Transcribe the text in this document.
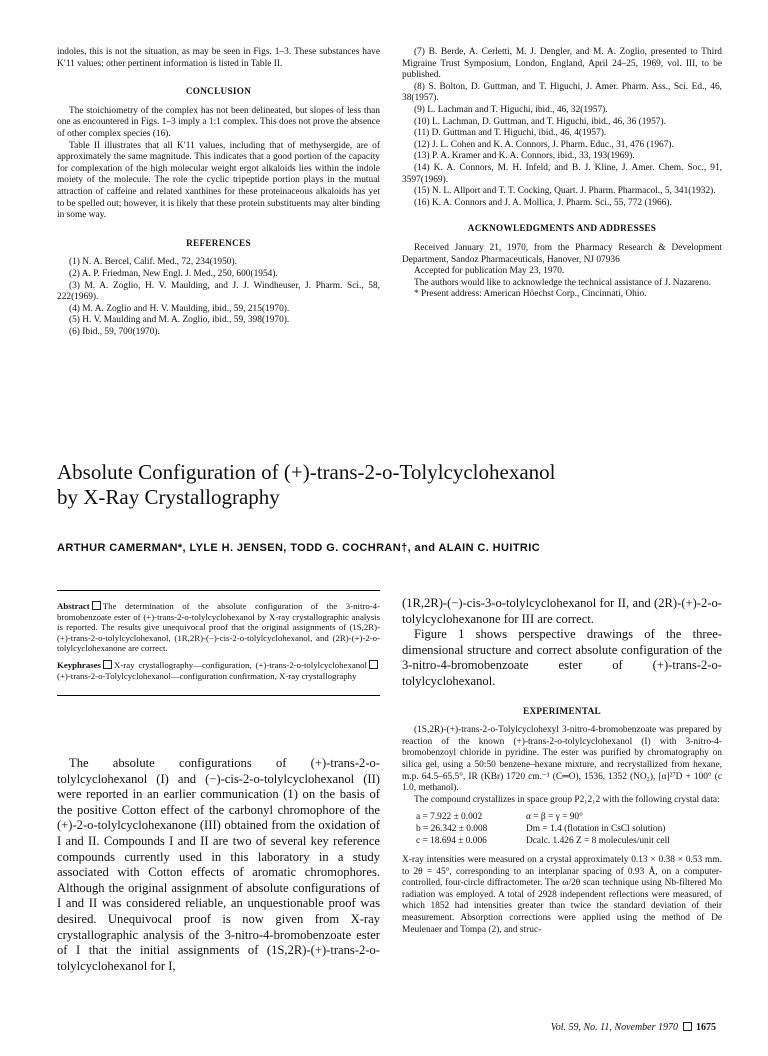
indoles, this is not the situation, as may be seen in Figs. 1–3. These substances have K′11 values; other pertinent information is listed in Table II.

CONCLUSION

The stoichiometry of the complex has not been delineated, but slopes of less than one as encountered in Figs. 1–3 imply a 1:1 complex. This does not prove the absence of other complex species (16).

Table II illustrates that all K′11 values, including that of methysergide, are of approximately the same magnitude. This indicates that a good portion of the capacity for complexation of the high molecular weight ergot alkaloids lies within the indole moiety of the molecule. The role the cyclic tripeptide portion plays in the mutual attraction of caffeine and related xanthines for these proteinaceous alkaloids has yet to be spelled out; however, it is likely that these protein substituents may alter binding in some way.

REFERENCES

(1) N. A. Bercel, Calif. Med., 72, 234(1950).

(2) A. P. Friedman, New Engl. J. Med., 250, 600(1954).

(3) M. A. Zoglio, H. V. Maulding, and J. J. Windheuser, J. Pharm. Sci., 58, 222(1969).

(4) M. A. Zoglio and H. V. Maulding, ibid., 59, 215(1970).

(5) H. V. Maulding and M. A. Zoglio, ibid., 59, 398(1970).

(6) Ibid., 59, 700(1970).

(7) B. Berde, A. Cerletti, M. J. Dengler, and M. A. Zoglio, presented to Third Migraine Trust Symposium, London, England, April 24–25, 1969, vol. III, to be published.

(8) S. Bolton, D. Guttman, and T. Higuchi, J. Amer. Pharm. Ass., Sci. Ed., 46, 38(1957).

(9) L. Lachman and T. Higuchi, ibid., 46, 32(1957).

(10) L. Lachman, D. Guttman, and T. Higuchi, ibid., 46, 36 (1957).

(11) D. Guttman and T. Higuchi, ibid., 46, 4(1957).

(12) J. L. Cohen and K. A. Connors, J. Pharm. Educ., 31, 476 (1967).

(13) P. A. Kramer and K. A. Connors, ibid., 33, 193(1969).

(14) K. A. Connors, M. H. Infeld, and B. J. Kline, J. Amer. Chem. Soc., 91, 3597(1969).

(15) N. L. Allport and T. T. Cocking, Quart. J. Pharm. Pharmacol., 5, 341(1932).

(16) K. A. Connors and J. A. Mollica, J. Pharm. Sci., 55, 772 (1966).

ACKNOWLEDGMENTS AND ADDRESSES

Received January 21, 1970, from the Pharmacy Research & Development Department, Sandoz Pharmaceuticals, Hanover, NJ 07936

Accepted for publication May 23, 1970.

The authors would like to acknowledge the technical assistance of J. Nazareno.

* Present address: American Höechst Corp., Cincinnati, Ohio.

Absolute Configuration of (+)-trans-2-o-Tolylcyclohexanol
by X-Ray Crystallography
ARTHUR CAMERMAN*, LYLE H. JENSEN, TODD G. COCHRAN†, and ALAIN C. HUITRIC

Abstract The determination of the absolute configuration of the 3-nitro-4-bromobenzoate ester of (+)-trans-2-o-tolylcyclohexanol by X-ray crystallographic analysis is reported. The results give unequivocal proof that the original assignments of (1S,2R)-(+)-trans-2-o-tolylcyclohexanol, (1R,2R)-(−)-cis-2-o-tolylcyclohexanol, and (2R)-(+)-2-o-tolylcyclohexanone are correct.

Keyphrases X-ray crystallography—configuration, (+)-trans-2-o-tolylcyclohexanol(+)-trans-2-o-Tolylcyclohexanol—configuration confirmation, X-ray crystallography

The absolute configurations of (+)-trans-2-o-tolylcyclohexanol (I) and (−)-cis-2-o-tolylcyclohexanol (II) were reported in an earlier communication (1) on the basis of the positive Cotton effect of the carbonyl chromophore of the (+)-2-o-tolylcyclohexanone (III) obtained from the oxidation of I and II. Compounds I and II are two of several key reference compounds currently used in this laboratory in a study associated with Cotton effects of aromatic chromophores. Although the original assignment of absolute configurations of I and II was considered reliable, an unquestionable proof was desired. Unequivocal proof is now given from X-ray crystallographic analysis of the 3-nitro-4-bromobenzoate ester of I that the initial assignments of (1S,2R)-(+)-trans-2-o-tolylcyclohexanol for I,

(1R,2R)-(−)-cis-3-o-tolylcyclohexanol for II, and (2R)-(+)-2-o-tolylcyclohexanone for III are correct.

Figure 1 shows perspective drawings of the three-dimensional structure and correct absolute configuration of the 3-nitro-4-bromobenzoate ester of (+)-trans-2-o-tolylcyclohexanol.

EXPERIMENTAL

(1S,2R)-(+)-trans-2-o-Tolylcyclohexyl 3-nitro-4-bromobenzoate was prepared by reaction of the known (+)-trans-2-o-tolylcyclohexanol (I) with 3-nitro-4-bromobenzoyl chloride in pyridine. The ester was purified by chromatography on silica gel, using a 50:50 benzene–hexane mixture, and recrystallized from hexane, m.p. 64.5–65.5°, IR (KBr) 1720 cm.⁻¹ (C═O), 1536, 1352 (NO₂), [α]²⁷D + 100° (c 1.0, methanol).

The compound crystallizes in space group P2₁2₁2 with the following crystal data:

a = 7.922 ± 0.002	α = β = γ = 90°
b = 26.342 ± 0.008	Dm = 1.4 (flotation in CsCl solution)
c = 18.694 ± 0.006	Dcalc. 1.426 Z = 8 molecules/unit cell

X-ray intensities were measured on a crystal approximately 0.13 × 0.38 × 0.53 mm. to 2θ = 45°, corresponding to an interplanar spacing of 0.93 Å, on a computer-controlled, four-circle diffractometer. The ω/2θ scan technique using Nb-filtered Mo radiation was employed. A total of 2928 independent reflections were measured, of which 1852 had intensities greater than twice the standard deviation of their measurement. Absorption corrections were applied using the method of De Meulenaer and Tompa (2), and struc-

Vol. 59, No. 11, November 1970 1675
